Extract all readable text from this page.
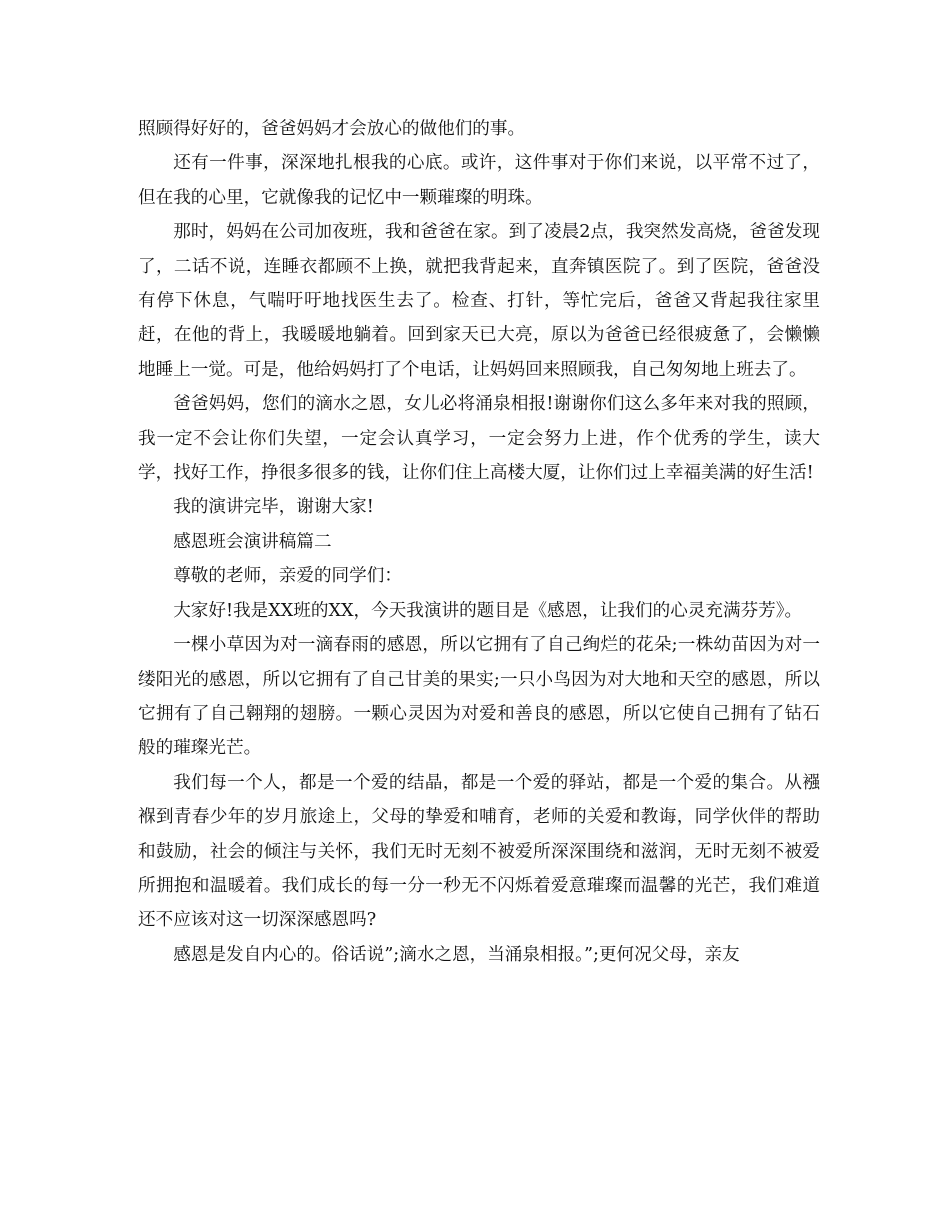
照顾得好好的，爸爸妈妈才会放心的做他们的事。

还有一件事，深深地扎根我的心底。或许，这件事对于你们来说，以平常不过了，但在我的心里，它就像我的记忆中一颗璀璨的明珠。

那时，妈妈在公司加夜班，我和爸爸在家。到了凌晨2点，我突然发高烧，爸爸发现了，二话不说，连睡衣都顾不上换，就把我背起来，直奔镇医院了。到了医院，爸爸没有停下休息，气喘吁吁地找医生去了。检查、打针，等忙完后，爸爸又背起我往家里赶，在他的背上，我暖暖地躺着。回到家天已大亮，原以为爸爸已经很疲惫了，会懒懒地睡上一觉。可是，他给妈妈打了个电话，让妈妈回来照顾我，自己匆匆地上班去了。

爸爸妈妈，您们的滴水之恩，女儿必将涌泉相报!谢谢你们这么多年来对我的照顾，我一定不会让你们失望，一定会认真学习，一定会努力上进，作个优秀的学生，读大学，找好工作，挣很多很多的钱，让你们住上高楼大厦，让你们过上幸福美满的好生活!

我的演讲完毕，谢谢大家!

感恩班会演讲稿篇二

尊敬的老师，亲爱的同学们：

大家好!我是XX班的XX，今天我演讲的题目是《感恩，让我们的心灵充满芬芳》。

一棵小草因为对一滴春雨的感恩，所以它拥有了自己绚烂的花朵;一株幼苗因为对一缕阳光的感恩，所以它拥有了自己甘美的果实;一只小鸟因为对大地和天空的感恩，所以它拥有了自己翱翔的翅膀。一颗心灵因为对爱和善良的感恩，所以它使自己拥有了钻石般的璀璨光芒。

我们每一个人，都是一个爱的结晶，都是一个爱的驿站，都是一个爱的集合。从襁褓到青春少年的岁月旅途上，父母的挚爱和哺育，老师的关爱和教诲，同学伙伴的帮助和鼓励，社会的倾注与关怀，我们无时无刻不被爱所深深围绕和滋润，无时无刻不被爱所拥抱和温暖着。我们成长的每一分一秒无不闪烁着爱意璀璨而温馨的光芒，我们难道还不应该对这一切深深感恩吗?

感恩是发自内心的。俗话说”;滴水之恩，当涌泉相报。”;更何况父母，亲友
